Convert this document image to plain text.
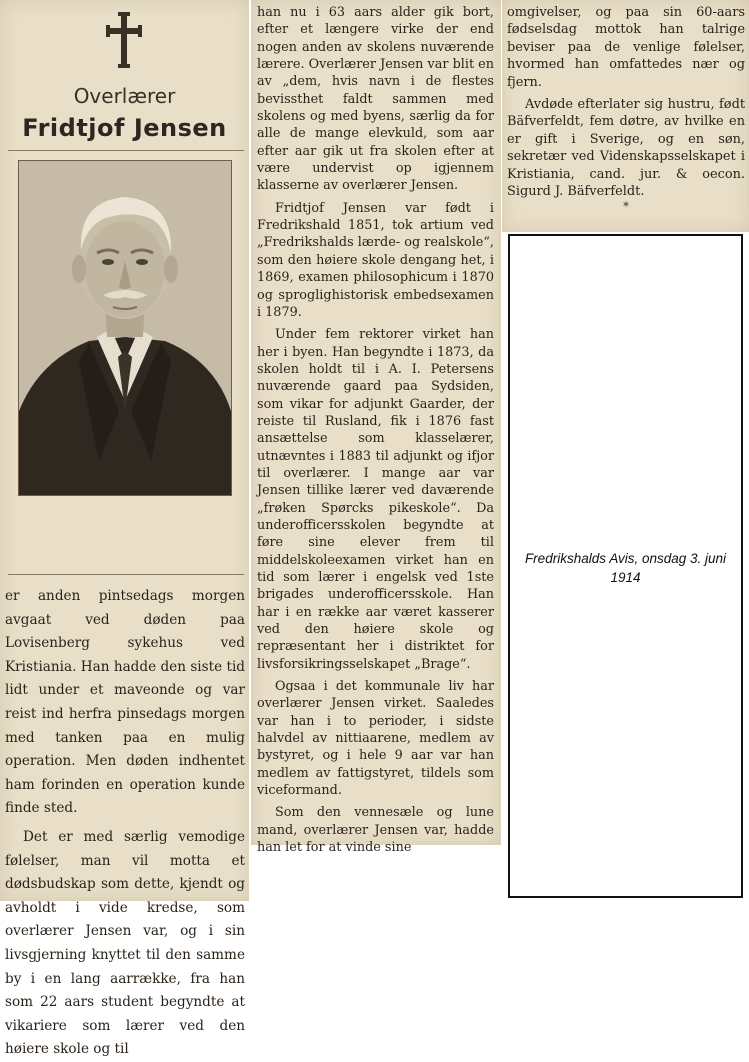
Overlærer
Fridtjof Jensen

er anden pintsedags morgen avgaat ved døden paa Lovisenberg sykehus ved Kristiania. Han hadde den siste tid lidt under et maveonde og var reist ind herfra pinsedags morgen med tanken paa en mulig operation. Men døden indhentet ham forinden en operation kunde finde sted.

Det er med særlig vemodige følelser, man vil motta et dødsbudskap som dette, kjendt og avholdt i vide kredse, som overlærer Jensen var, og i sin livsgjerning knyttet til den samme by i en lang aarrække, fra han som 22 aars student begyndte at vikariere som lærer ved den høiere skole og til

han nu i 63 aars alder gik bort, efter et længere virke der end nogen anden av skolens nuværende lærere. Overlærer Jensen var blit en av „dem, hvis navn i de flestes bevissthet faldt sammen med skolens og med byens, særlig da for alle de mange elevkuld, som aar efter aar gik ut fra skolen efter at være undervist op igjennem klasserne av overlærer Jensen.

Fridtjof Jensen var født i Fredrikshald 1851, tok artium ved „Fredrikshalds lærde- og realskole“, som den høiere skole dengang het, i 1869, examen philosophicum i 1870 og sproglighistorisk embedsexamen i 1879.

Under fem rektorer virket han her i byen. Han begyndte i 1873, da skolen holdt til i A. I. Petersens nuværende gaard paa Sydsiden, som vikar for adjunkt Gaarder, der reiste til Rusland, fik i 1876 fast ansættelse som klasselærer, utnævntes i 1883 til adjunkt og ifjor til overlærer. I mange aar var Jensen tillike lærer ved daværende „frøken Spørcks pikeskole“. Da underofficersskolen begyndte at føre sine elever frem til middelskoleexamen virket han en tid som lærer i engelsk ved 1ste brigades underofficersskole. Han har i en række aar været kasserer ved den høiere skole og repræsentant her i distriktet for livsforsikringsselskapet „Brage“.

Ogsaa i det kommunale liv har overlærer Jensen virket. Saaledes var han i to perioder, i sidste halvdel av nittiaarene, medlem av bystyret, og i hele 9 aar var han medlem av fattigstyret, tildels som viceformand.

Som den vennesæle og lune mand, overlærer Jensen var, hadde han let for at vinde sine

omgivelser, og paa sin 60-aars fødselsdag mottok han talrige beviser paa de venlige følelser, hvormed han omfattedes nær og fjern.

Avdøde efterlater sig hustru, født Bäfverfeldt, fem døtre, av hvilke en er gift i Sverige, og en søn, sekretær ved Videnskapsselskapet i Kristiania, cand. jur. & oecon. Sigurd J. Bäfverfeldt.

*
Fredrikshalds Avis, onsdag 3. juni 1914
